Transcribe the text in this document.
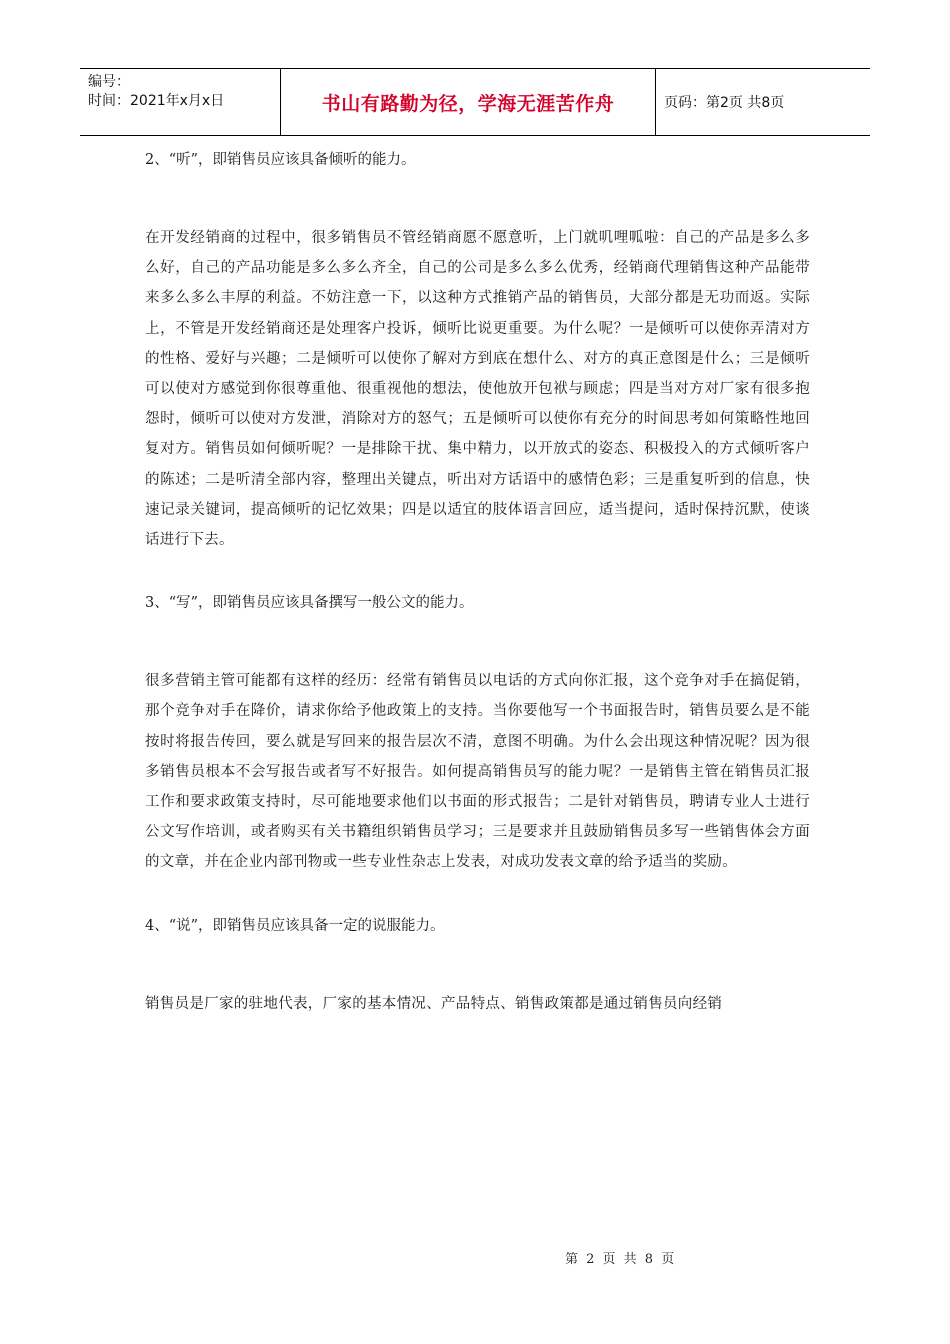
编号：
时间：2021年x月x日	书山有路勤为径，学海无涯苦作舟	页码：第2页 共8页

2、“听”，即销售员应该具备倾听的能力。

在开发经销商的过程中，很多销售员不管经销商愿不愿意听，上门就叽哩呱啦：自己的产品是多么多么好，自己的产品功能是多么多么齐全，自己的公司是多么多么优秀，经销商代理销售这种产品能带来多么多么丰厚的利益。不妨注意一下，以这种方式推销产品的销售员，大部分都是无功而返。实际上，不管是开发经销商还是处理客户投诉，倾听比说更重要。为什么呢？一是倾听可以使你弄清对方的性格、爱好与兴趣；二是倾听可以使你了解对方到底在想什么、对方的真正意图是什么；三是倾听可以使对方感觉到你很尊重他、很重视他的想法，使他放开包袱与顾虑；四是当对方对厂家有很多抱怨时，倾听可以使对方发泄，消除对方的怒气；五是倾听可以使你有充分的时间思考如何策略性地回复对方。销售员如何倾听呢？一是排除干扰、集中精力，以开放式的姿态、积极投入的方式倾听客户的陈述；二是听清全部内容，整理出关键点，听出对方话语中的感情色彩；三是重复听到的信息，快速记录关键词，提高倾听的记忆效果；四是以适宜的肢体语言回应，适当提问，适时保持沉默，使谈话进行下去。

3、“写”，即销售员应该具备撰写一般公文的能力。

很多营销主管可能都有这样的经历：经常有销售员以电话的方式向你汇报，这个竞争对手在搞促销，那个竞争对手在降价，请求你给予他政策上的支持。当你要他写一个书面报告时，销售员要么是不能按时将报告传回，要么就是写回来的报告层次不清，意图不明确。为什么会出现这种情况呢？因为很多销售员根本不会写报告或者写不好报告。如何提高销售员写的能力呢？一是销售主管在销售员汇报工作和要求政策支持时，尽可能地要求他们以书面的形式报告；二是针对销售员，聘请专业人士进行公文写作培训，或者购买有关书籍组织销售员学习；三是要求并且鼓励销售员多写一些销售体会方面的文章，并在企业内部刊物或一些专业性杂志上发表，对成功发表文章的给予适当的奖励。

4、“说”，即销售员应该具备一定的说服能力。

销售员是厂家的驻地代表，厂家的基本情况、产品特点、销售政策都是通过销售员向经销

第 2 页 共 8 页
